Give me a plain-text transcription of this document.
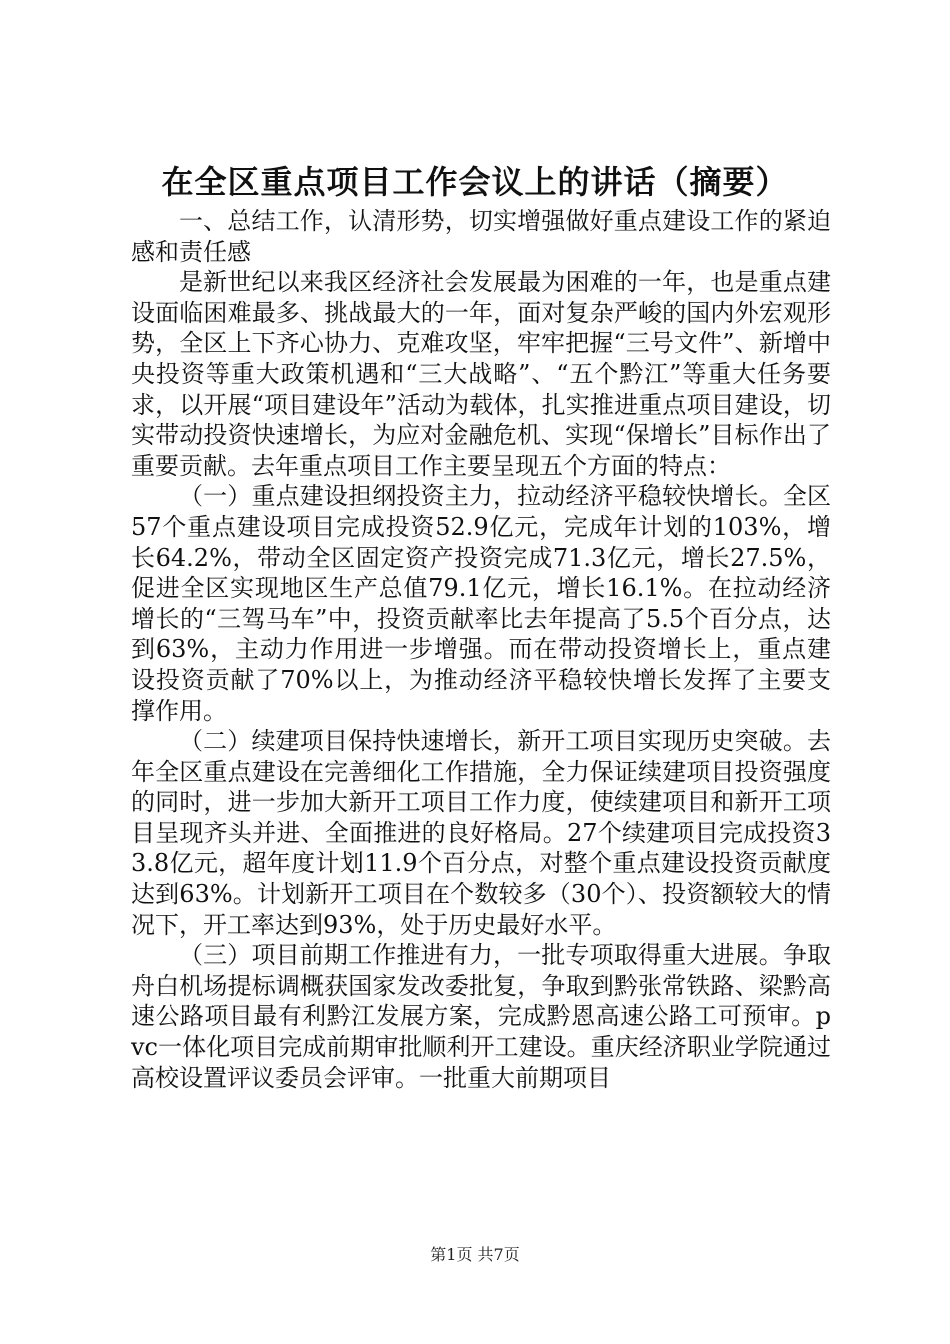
在全区重点项目工作会议上的讲话（摘要）

一、总结工作，认清形势，切实增强做好重点建设工作的紧迫感和责任感

是新世纪以来我区经济社会发展最为困难的一年，也是重点建设面临困难最多、挑战最大的一年，面对复杂严峻的国内外宏观形势，全区上下齐心协力、克难攻坚，牢牢把握“三号文件”、新增中央投资等重大政策机遇和“三大战略”、“五个黔江”等重大任务要求，以开展“项目建设年”活动为载体，扎实推进重点项目建设，切实带动投资快速增长，为应对金融危机、实现“保增长”目标作出了重要贡献。去年重点项目工作主要呈现五个方面的特点：

（一）重点建设担纲投资主力，拉动经济平稳较快增长。全区57个重点建设项目完成投资52.9亿元，完成年计划的103%，增长64.2%，带动全区固定资产投资完成71.3亿元，增长27.5%，促进全区实现地区生产总值79.1亿元，增长16.1%。在拉动经济增长的“三驾马车”中，投资贡献率比去年提高了5.5个百分点，达到63%，主动力作用进一步增强。而在带动投资增长上，重点建设投资贡献了70%以上，为推动经济平稳较快增长发挥了主要支撑作用。

（二）续建项目保持快速增长，新开工项目实现历史突破。去年全区重点建设在完善细化工作措施，全力保证续建项目投资强度的同时，进一步加大新开工项目工作力度，使续建项目和新开工项目呈现齐头并进、全面推进的良好格局。27个续建项目完成投资33.8亿元，超年度计划11.9个百分点，对整个重点建设投资贡献度达到63%。计划新开工项目在个数较多（30个）、投资额较大的情况下，开工率达到93%，处于历史最好水平。

（三）项目前期工作推进有力，一批专项取得重大进展。争取舟白机场提标调概获国家发改委批复，争取到黔张常铁路、梁黔高速公路项目最有利黔江发展方案，完成黔恩高速公路工可预审。pvc一体化项目完成前期审批顺利开工建设。重庆经济职业学院通过高校设置评议委员会评审。一批重大前期项目

第1页 共7页
